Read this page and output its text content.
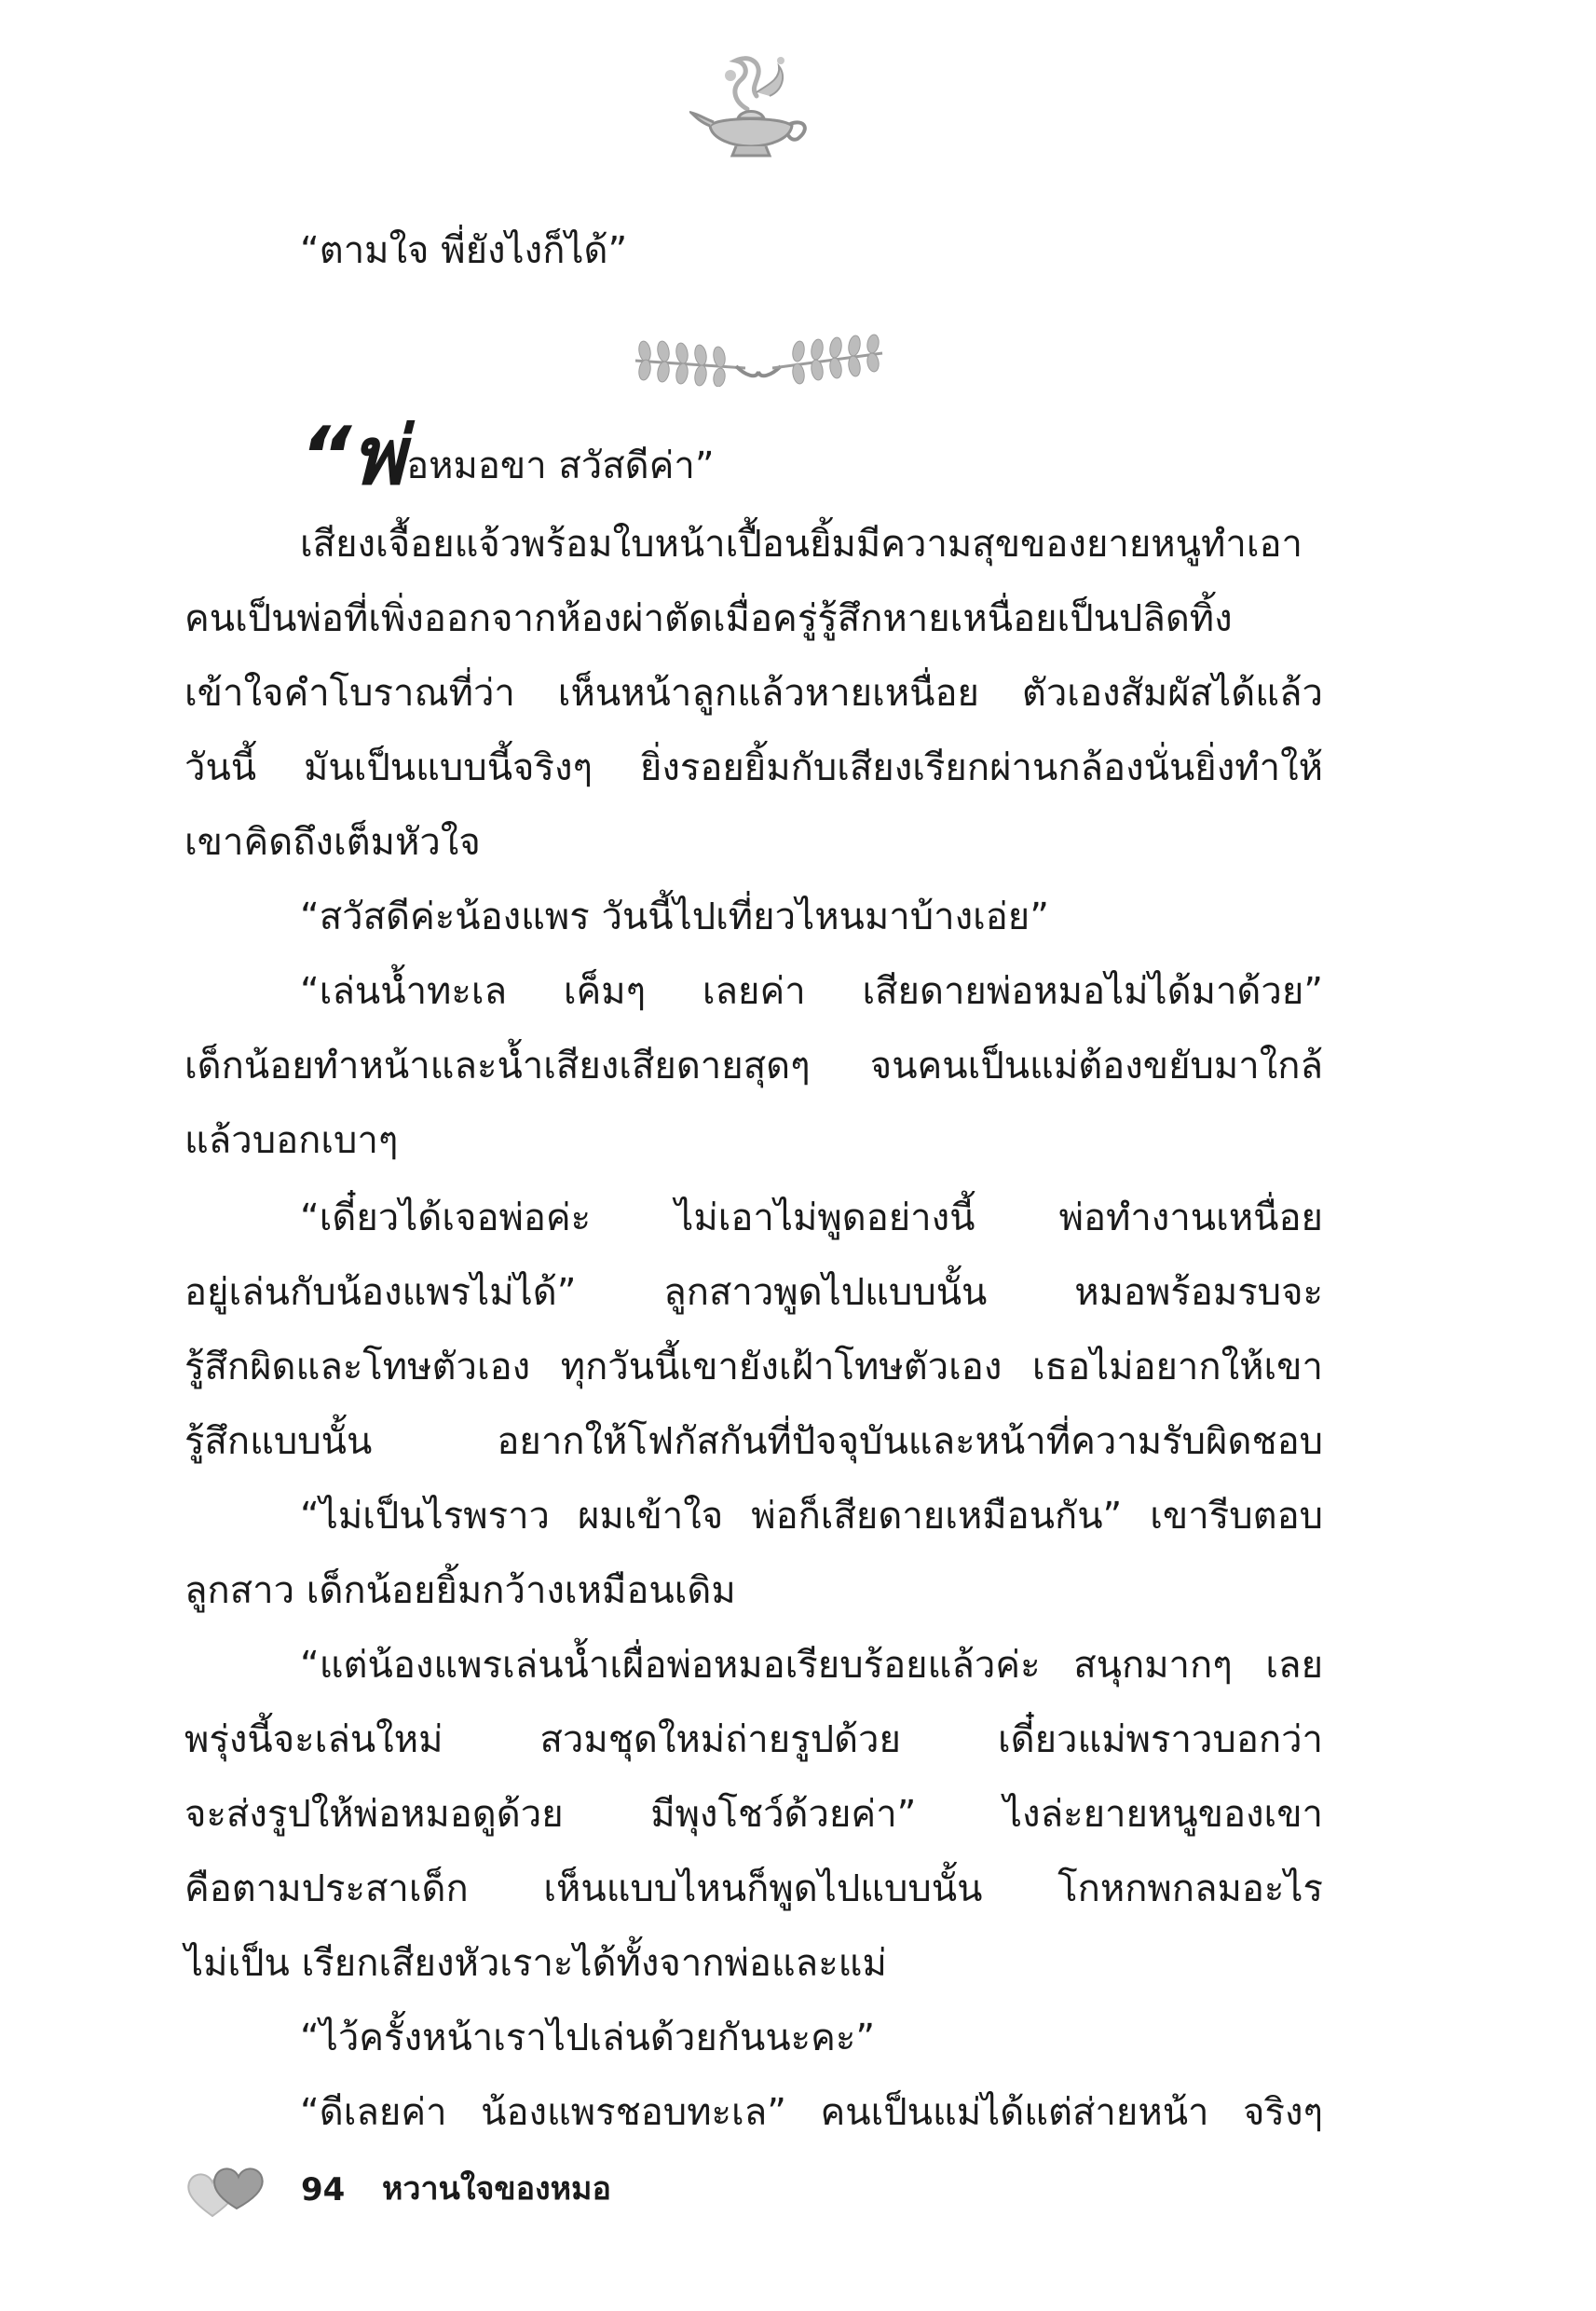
“ตามใจ พี่ยังไงก็ได้”
“พ่อหมอขา สวัสดีค่า”
เสียงเจื้อยแจ้วพร้อมใบหน้าเปื้อนยิ้มมีความสุขของยายหนูทำเอา
คนเป็นพ่อที่เพิ่งออกจากห้องผ่าตัดเมื่อครู่รู้สึกหายเหนื่อยเป็นปลิดทิ้ง
เข้าใจคำโบราณที่ว่า เห็นหน้าลูกแล้วหายเหนื่อย ตัวเองสัมผัสได้แล้ว
วันนี้ มันเป็นแบบนี้จริงๆ ยิ่งรอยยิ้มกับเสียงเรียกผ่านกล้องนั่นยิ่งทำให้
เขาคิดถึงเต็มหัวใจ
“สวัสดีค่ะน้องแพร วันนี้ไปเที่ยวไหนมาบ้างเอ่ย”
“เล่นน้ำทะเล เค็มๆ เลยค่า เสียดายพ่อหมอไม่ได้มาด้วย”
เด็กน้อยทำหน้าและน้ำเสียงเสียดายสุดๆ จนคนเป็นแม่ต้องขยับมาใกล้
แล้วบอกเบาๆ
“เดี๋ยวได้เจอพ่อค่ะ ไม่เอาไม่พูดอย่างนี้ พ่อทำงานเหนื่อย
อยู่เล่นกับน้องแพรไม่ได้” ลูกสาวพูดไปแบบนั้น หมอพร้อมรบจะ
รู้สึกผิดและโทษตัวเอง ทุกวันนี้เขายังเฝ้าโทษตัวเอง เธอไม่อยากให้เขา
รู้สึกแบบนั้น อยากให้โฟกัสกันที่ปัจจุบันและหน้าที่ความรับผิดชอบ
“ไม่เป็นไรพราว ผมเข้าใจ พ่อก็เสียดายเหมือนกัน” เขารีบตอบ
ลูกสาว เด็กน้อยยิ้มกว้างเหมือนเดิม
“แต่น้องแพรเล่นน้ำเผื่อพ่อหมอเรียบร้อยแล้วค่ะ สนุกมากๆ เลย
พรุ่งนี้จะเล่นใหม่ สวมชุดใหม่ถ่ายรูปด้วย เดี๋ยวแม่พราวบอกว่า
จะส่งรูปให้พ่อหมอดูด้วย มีพุงโชว์ด้วยค่า” ไงล่ะยายหนูของเขา
คือตามประสาเด็ก เห็นแบบไหนก็พูดไปแบบนั้น โกหกพกลมอะไร
ไม่เป็น เรียกเสียงหัวเราะได้ทั้งจากพ่อและแม่
“ไว้ครั้งหน้าเราไปเล่นด้วยกันนะคะ”
“ดีเลยค่า น้องแพรชอบทะเล” คนเป็นแม่ได้แต่ส่ายหน้า จริงๆ
94 หวานใจของหมอ
